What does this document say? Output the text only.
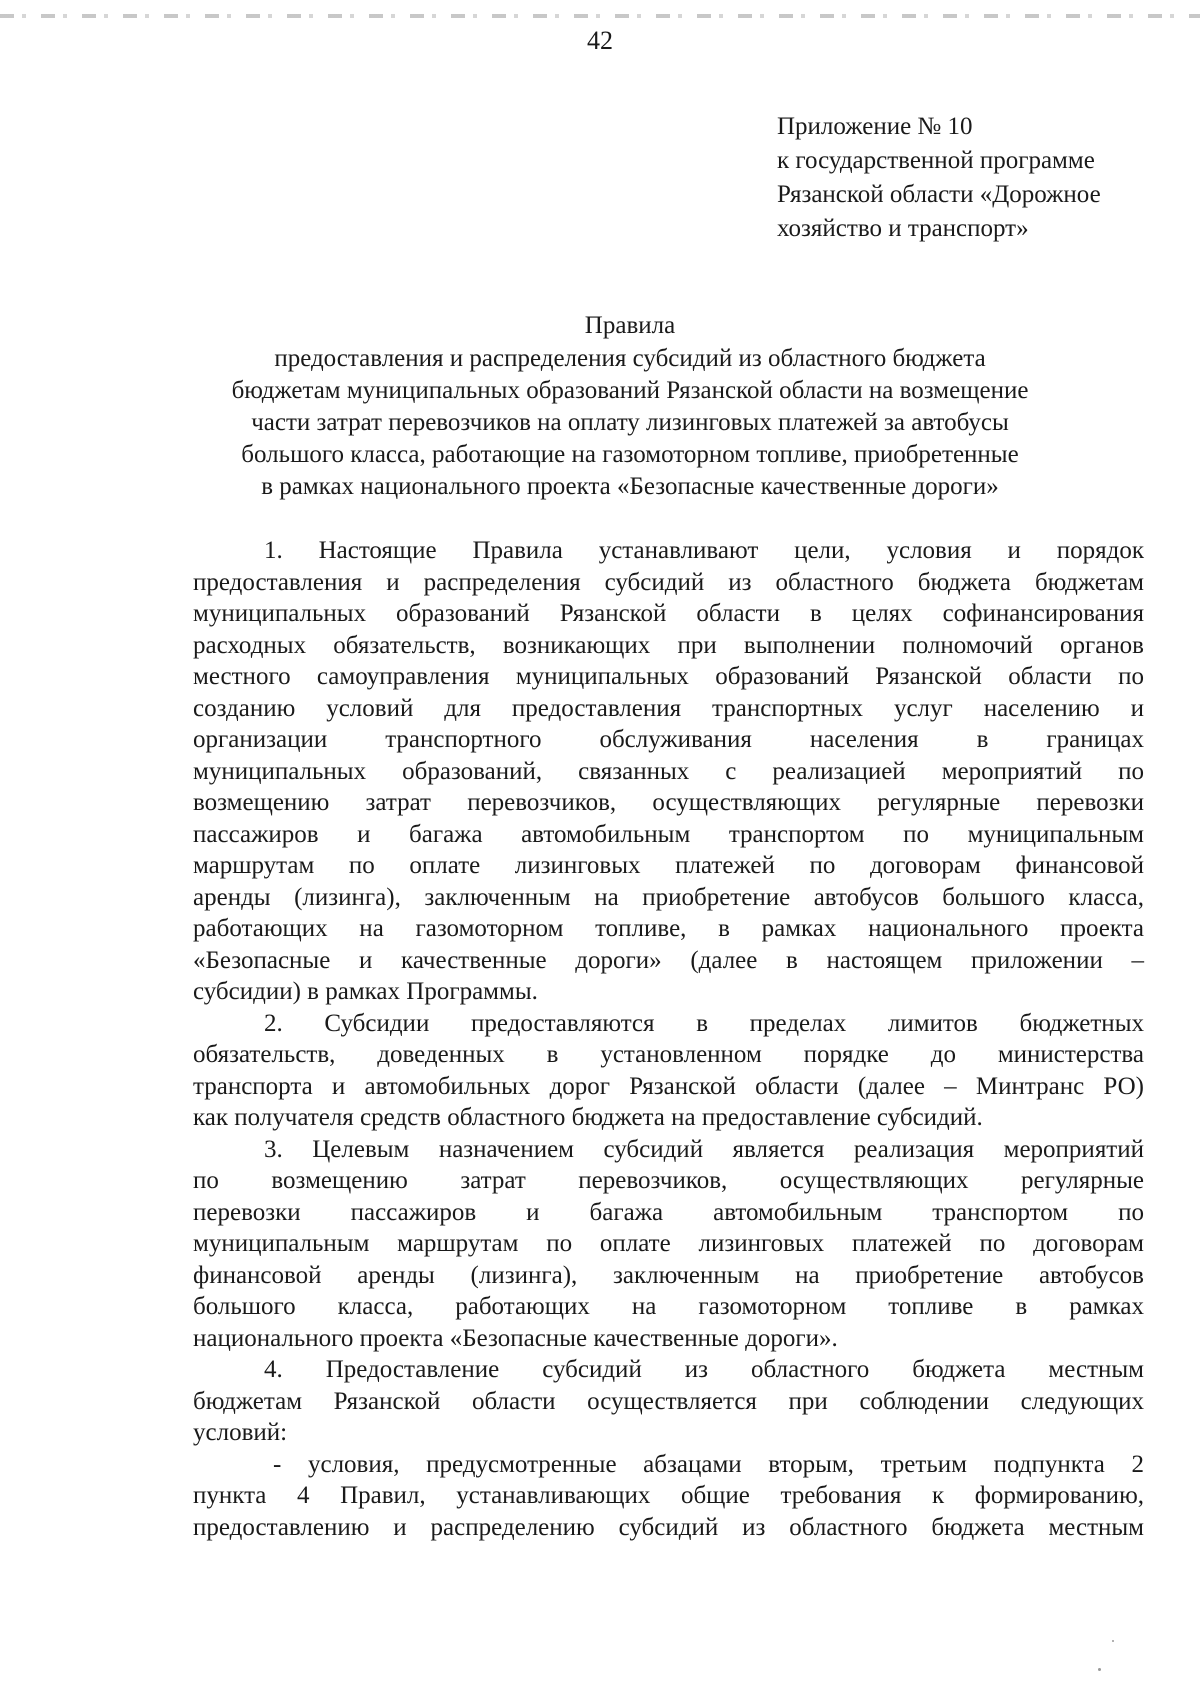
42
Приложение № 10
к государственной программе
Рязанской области «Дорожное
хозяйство и транспорт»
Правила
предоставления и распределения субсидий из областного бюджета
бюджетам муниципальных образований Рязанской области на возмещение
части затрат перевозчиков на оплату лизинговых платежей за автобусы
большого класса, работающие на газомоторном топливе, приобретенные
в рамках национального проекта «Безопасные качественные дороги»
1. Настоящие Правила устанавливают цели, условия и порядок
предоставления и распределения субсидий из областного бюджета бюджетам
муниципальных образований Рязанской области в целях софинансирования
расходных обязательств, возникающих при выполнении полномочий органов
местного самоуправления муниципальных образований Рязанской области по
созданию условий для предоставления транспортных услуг населению и
организации транспортного обслуживания населения в границах
муниципальных образований, связанных с реализацией мероприятий по
возмещению затрат перевозчиков, осуществляющих регулярные перевозки
пассажиров и багажа автомобильным транспортом по муниципальным
маршрутам по оплате лизинговых платежей по договорам финансовой
аренды (лизинга), заключенным на приобретение автобусов большого класса,
работающих на газомоторном топливе, в рамках национального проекта
«Безопасные и качественные дороги» (далее в настоящем приложении –
субсидии) в рамках Программы.
2. Субсидии предоставляются в пределах лимитов бюджетных
обязательств, доведенных в установленном порядке до министерства
транспорта и автомобильных дорог Рязанской области (далее – Минтранс РО)
как получателя средств областного бюджета на предоставление субсидий.
3. Целевым назначением субсидий является реализация мероприятий
по возмещению затрат перевозчиков, осуществляющих регулярные
перевозки пассажиров и багажа автомобильным транспортом по
муниципальным маршрутам по оплате лизинговых платежей по договорам
финансовой аренды (лизинга), заключенным на приобретение автобусов
большого класса, работающих на газомоторном топливе в рамках
национального проекта «Безопасные качественные дороги».
4. Предоставление субсидий из областного бюджета местным
бюджетам Рязанской области осуществляется при соблюдении следующих
условий:
- условия, предусмотренные абзацами вторым, третьим подпункта 2
пункта 4 Правил, устанавливающих общие требования к формированию,
предоставлению и распределению субсидий из областного бюджета местным
